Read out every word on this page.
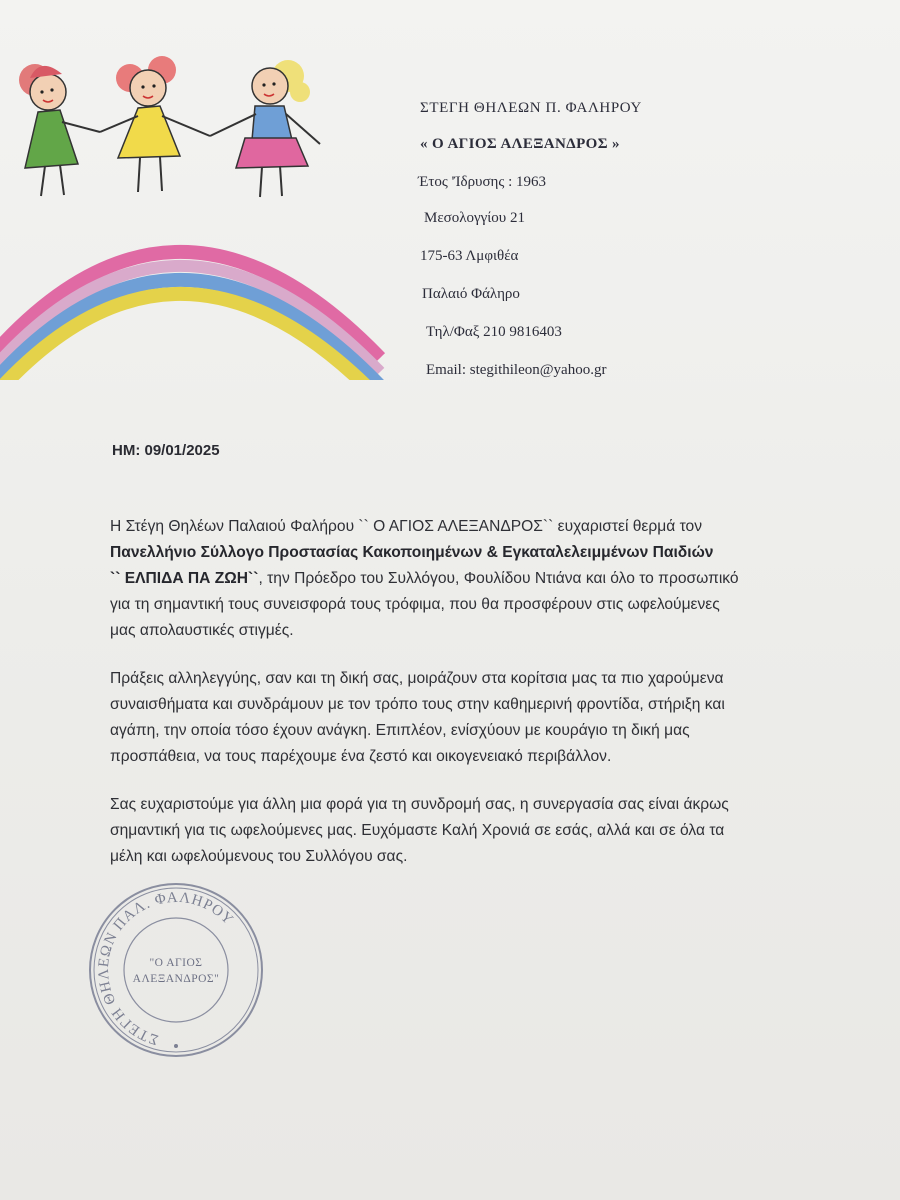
ΣΤΕΓΗ ΘΗΛΕΩΝ Π. ΦΑΛΗΡΟΥ
« Ο ΑΓΙΟΣ ΑΛΕΞΑΝΔΡΟΣ »
Έτος 'Ίδρυσης : 1963
Μεσολογγίου 21
175-63 Λμφιθέα
Παλαιό Φάληρο
Τηλ/Φαξ 210 9816403
Email: stegithileon@yahoo.gr
ΗΜ: 09/01/2025

Η Στέγη Θηλέων Παλαιού Φαλήρου `` Ο ΑΓΙΟΣ ΑΛΕΞΑΝΔΡΟΣ`` ευχαριστεί θερμά τον
Πανελλήνιο Σύλλογο Προστασίας Κακοποιημένων & Εγκαταλελειμμένων Παιδιών
`` ΕΛΠΙΔΑ ΠΑ ΖΩΗ``, την Πρόεδρο του Συλλόγου, Φουλίδου Ντιάνα και όλο το προσωπικό
για τη σημαντική τους συνεισφορά τους τρόφιμα, που θα προσφέρουν στις ωφελούμενες
μας απολαυστικές στιγμές.

Πράξεις αλληλεγγύης, σαν και τη δική σας, μοιράζουν στα κορίτσια μας τα πιο χαρούμενα
συναισθήματα και συνδράμουν με τον τρόπο τους στην καθημερινή φροντίδα, στήριξη και
αγάπη, την οποία τόσο έχουν ανάγκη. Επιπλέον, ενίσχύουν με κουράγιο τη δική μας
προσπάθεια, να τους παρέχουμε ένα ζεστό και οικογενειακό περιβάλλον.

Σας ευχαριστούμε για άλλη μια φορά για τη συνδρομή σας, η συνεργασία σας είναι άκρως
σημαντική για τις ωφελούμενες μας. Ευχόμαστε Καλή Χρονιά σε εσάς, αλλά και σε όλα τα
μέλη και ωφελούμενους του Συλλόγου σας.

ΣΤΕΓΗ ΘΗΛΕΩΝ ΠΑΛ. ΦΑΛΗΡΟΥ
"Ο ΑΓΙΟΣ
ΑΛΕΞΑΝΔΡΟΣ"
